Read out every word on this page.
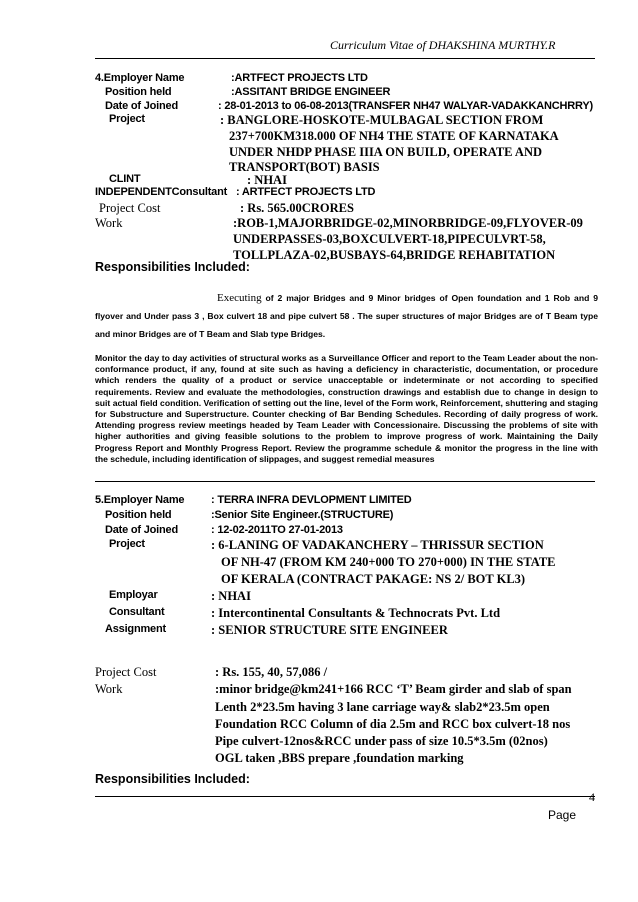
Curriculum Vitae of DHAKSHINA MURTHY.R
4.Employer Name	:ARTFECT PROJECTS LTD
Position held	:ASSITANT BRIDGE ENGINEER
Date of Joined	: 28-01-2013 to 06-08-2013(TRANSFER NH47 WALYAR-VADAKKANCHRRY)
Project	: BANGLORE-HOSKOTE-MULBAGAL SECTION FROM
237+700KM318.000 OF NH4 THE STATE OF KARNATAKA
UNDER NHDP PHASE IIIA ON BUILD, OPERATE AND
TRANSPORT(BOT) BASIS
CLINT	: NHAI
INDEPENDENTConsultant : ARTFECT PROJECTS LTD
Project Cost	: Rs. 565.00CRORES
Work	:ROB-1,MAJORBRIDGE-02,MINORBRIDGE-09,FLYOVER-09
UNDERPASSES-03,BOXCULVERT-18,PIPECULVRT-58,
TOLLPLAZA-02,BUSBAYS-64,BRIDGE REHABITATION
Responsibilities Included:
Executing of 2 major Bridges and 9 Minor bridges of Open foundation and 1 Rob and 9 flyover and Under pass 3 , Box culvert 18 and pipe culvert 58 . The super structures of major Bridges are of T Beam type and minor Bridges are of T Beam and Slab type Bridges.
Monitor the day to day activities of structural works as a Surveillance Officer and report to the Team Leader about the non-conformance product, if any, found at site such as having a deficiency in characteristic, documentation, or procedure which renders the quality of a product or service unacceptable or indeterminate or not according to specified requirements. Review and evaluate the methodologies, construction drawings and establish due to change in design to suit actual field condition. Verification of setting out the line, level of the Form work, Reinforcement, shuttering and staging for Substructure and Superstructure. Counter checking of Bar Bending Schedules. Recording of daily progress of work. Attending progress review meetings headed by Team Leader with Concessionaire. Discussing the problems of site with higher authorities and giving feasible solutions to the problem to improve progress of work. Maintaining the Daily Progress Report and Monthly Progress Report. Review the programme schedule & monitor the progress in the line with the schedule, including identification of slippages, and suggest remedial measures
5.Employer Name : TERRA INFRA DEVLOPMENT LIMITED
Position held	:Senior Site Engineer.(STRUCTURE)
Date of Joined	: 12-02-2011TO 27-01-2013
Project	: 6-LANING OF VADAKANCHERY – THRISSUR SECTION
OF NH-47 (FROM KM 240+000 TO 270+000) IN THE STATE
OF KERALA (CONTRACT PAKAGE: NS 2/ BOT KL3)
Employar	: NHAI
Consultant	: Intercontinental Consultants & Technocrats Pvt. Ltd
Assignment	: SENIOR STRUCTURE SITE ENGINEER
Project Cost	: Rs. 155, 40, 57,086 /
Work	:minor bridge@km241+166 RCC ‘T’ Beam girder and slab of span
Lenth 2*23.5m having 3 lane carriage way& slab2*23.5m open
Foundation RCC Column of dia 2.5m and RCC box culvert-18 nos
Pipe culvert-12nos&RCC under pass of size 10.5*3.5m (02nos)
OGL taken ,BBS prepare ,foundation marking
Responsibilities Included:
4
Page
